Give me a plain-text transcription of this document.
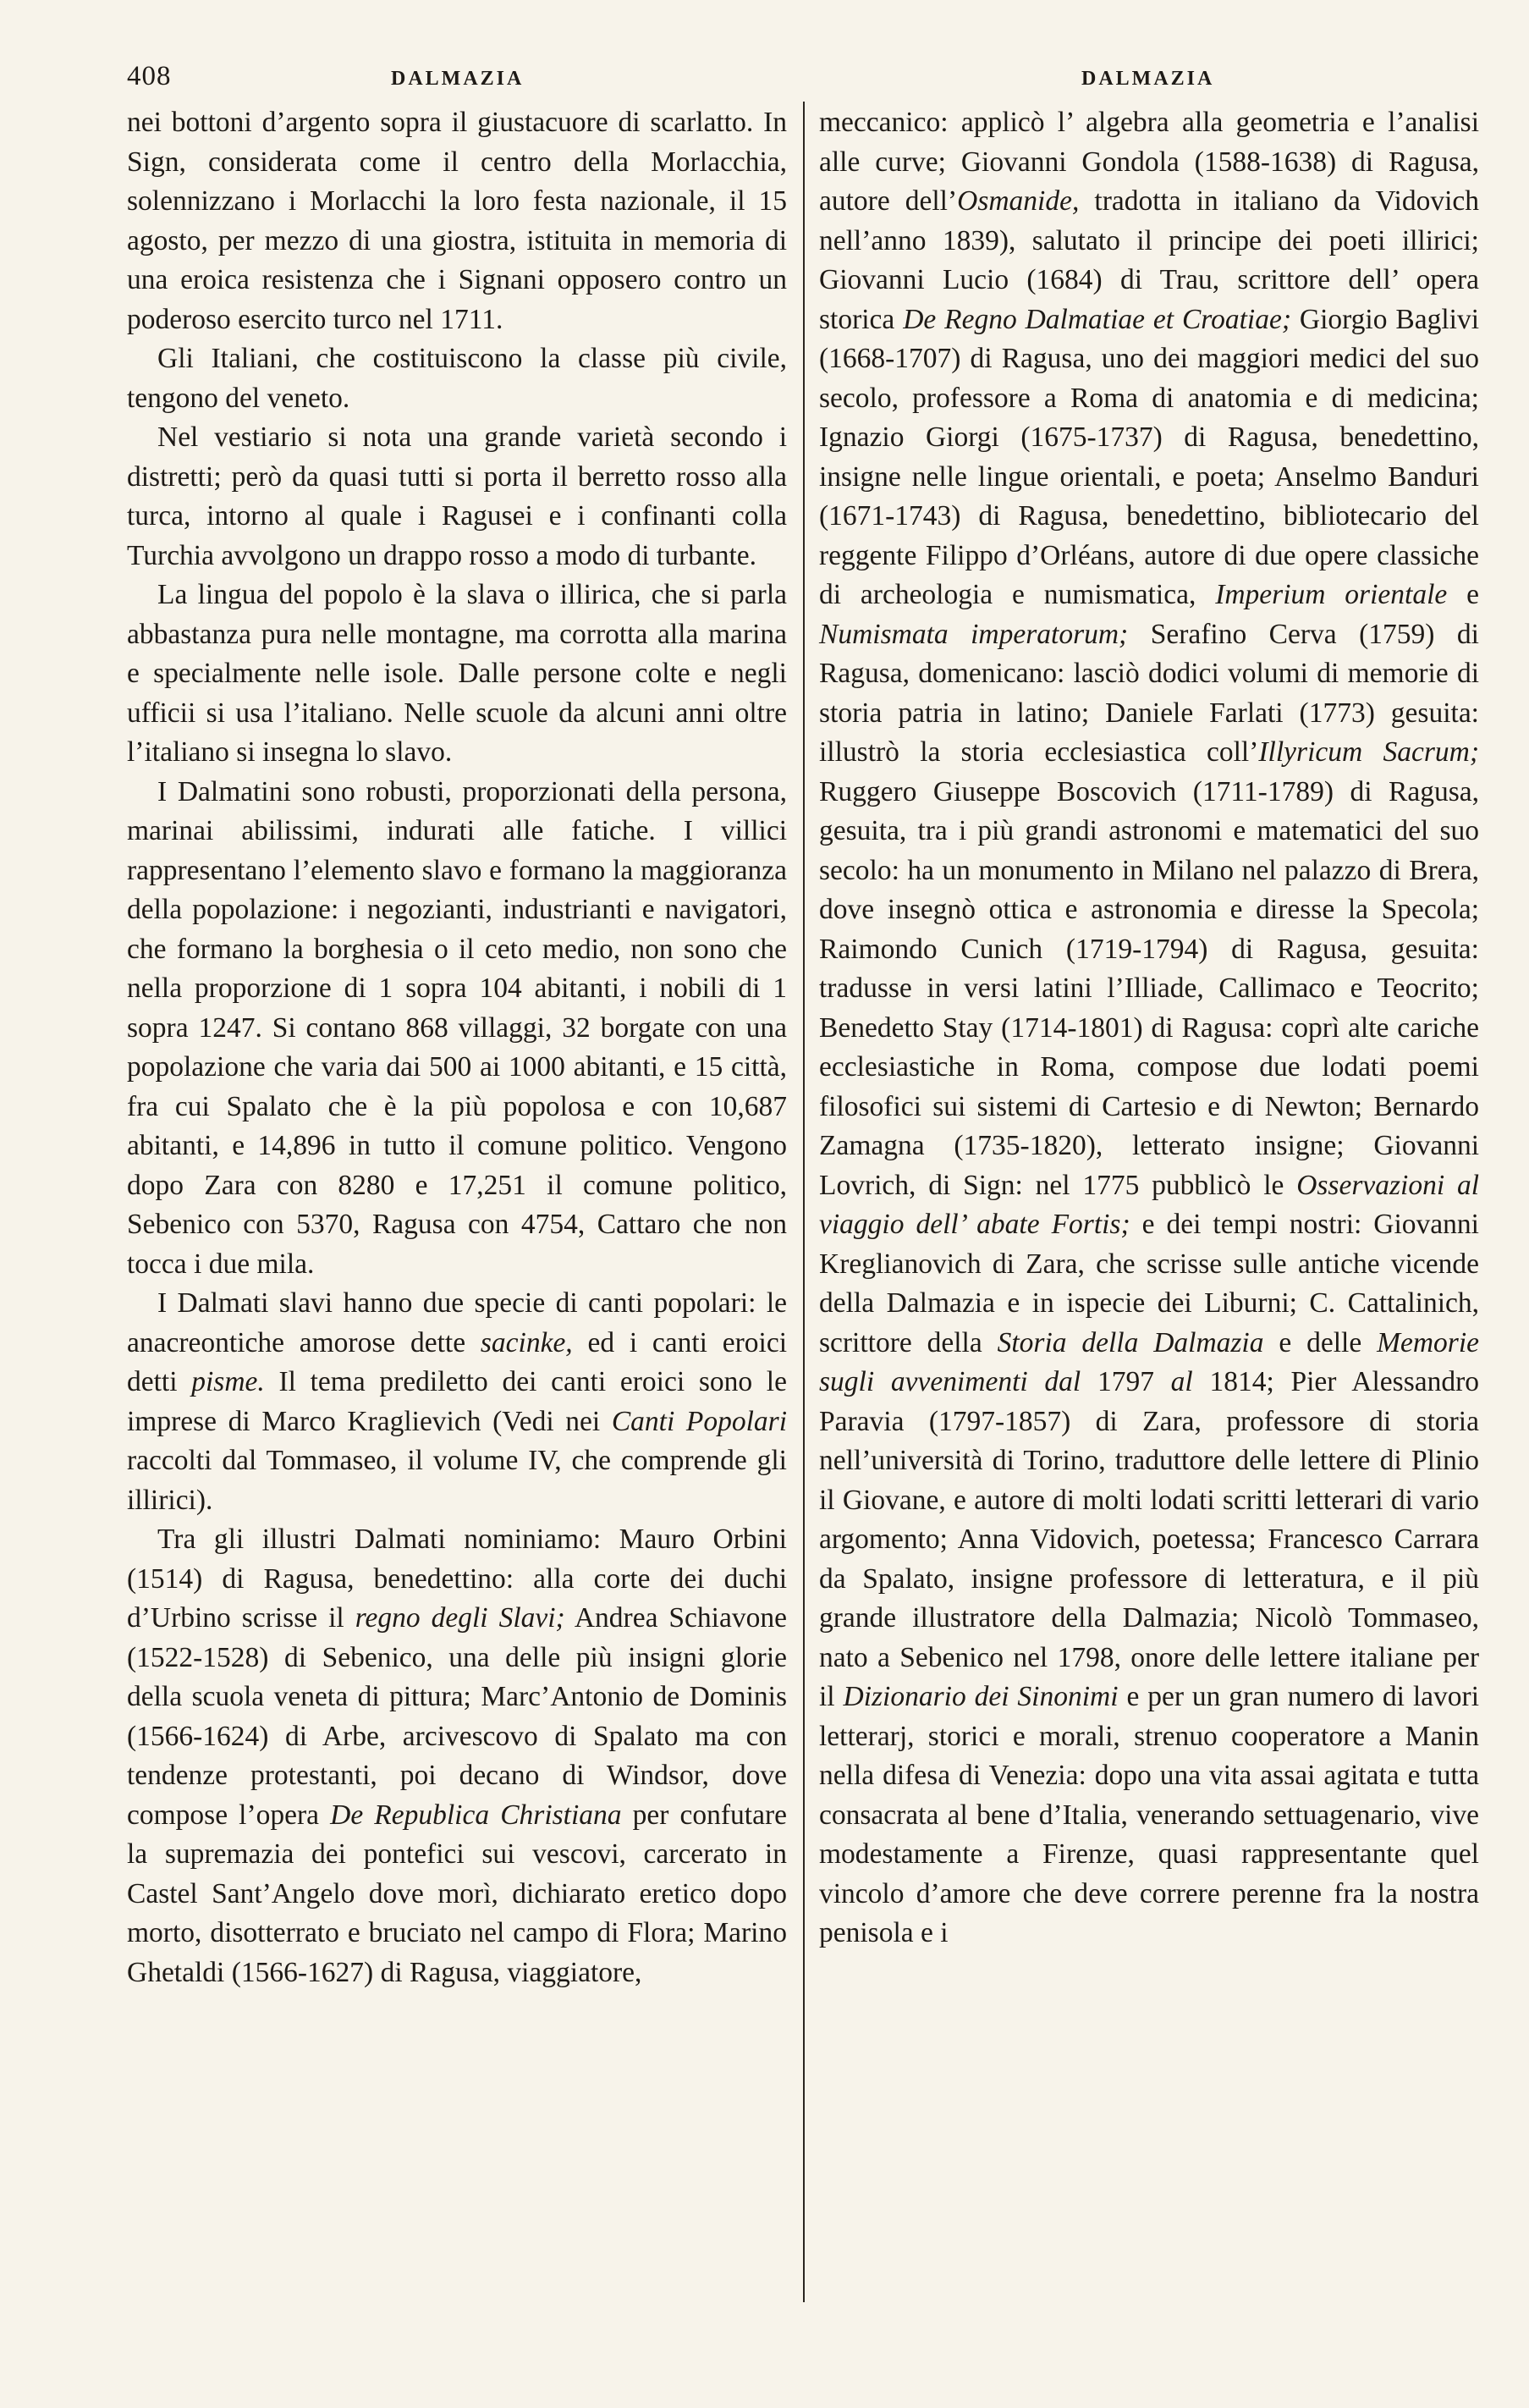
408	DALMAZIA

nei bottoni d’argento sopra il giustacuore di scarlatto. In Sign, considerata come il centro della Morlacchia, solennizzano i Morlacchi la loro festa nazionale, il 15 agosto, per mezzo di una giostra, istituita in memoria di una eroica resistenza che i Signani opposero contro un poderoso esercito turco nel 1711.

Gli Italiani, che costituiscono la classe più civile, tengono del veneto.

Nel vestiario si nota una grande varietà secondo i distretti; però da quasi tutti si porta il berretto rosso alla turca, intorno al quale i Ragusei e i confinanti colla Turchia avvolgono un drappo rosso a modo di turbante.

La lingua del popolo è la slava o illirica, che si parla abbastanza pura nelle montagne, ma corrotta alla marina e specialmente nelle isole. Dalle persone colte e negli ufficii si usa l’italiano. Nelle scuole da alcuni anni oltre l’italiano si insegna lo slavo.

I Dalmatini sono robusti, proporzionati della persona, marinai abilissimi, indurati alle fatiche. I villici rappresentano l’elemento slavo e formano la maggioranza della popolazione: i negozianti, industrianti e navigatori, che formano la borghesia o il ceto medio, non sono che nella proporzione di 1 sopra 104 abitanti, i nobili di 1 sopra 1247. Si contano 868 villaggi, 32 borgate con una popolazione che varia dai 500 ai 1000 abitanti, e 15 città, fra cui Spalato che è la più popolosa e con 10,687 abitanti, e 14,896 in tutto il comune politico. Vengono dopo Zara con 8280 e 17,251 il comune politico, Sebenico con 5370, Ragusa con 4754, Cattaro che non tocca i due mila.

I Dalmati slavi hanno due specie di canti popolari: le anacreontiche amorose dette sacinke, ed i canti eroici detti pisme. Il tema prediletto dei canti eroici sono le imprese di Marco Kraglievich (Vedi nei Canti Popolari raccolti dal Tommaseo, il volume IV, che comprende gli illirici).

Tra gli illustri Dalmati nominiamo: Mauro Orbini (1514) di Ragusa, benedettino: alla corte dei duchi d’Urbino scrisse il regno degli Slavi; Andrea Schiavone (1522-1528) di Sebenico, una delle più insigni glorie della scuola veneta di pittura; Marc’Antonio de Dominis (1566-1624) di Arbe, arcivescovo di Spalato ma con tendenze protestanti, poi decano di Windsor, dove compose l’opera De Republica Christiana per confutare la supremazia dei pontefici sui vescovi, carcerato in Castel Sant’Angelo dove morì, dichiarato eretico dopo morto, disotterrato e bruciato nel campo di Flora; Marino Ghetaldi (1566-1627) di Ragusa, viaggiatore,

DALMAZIA

meccanico: applicò l’ algebra alla geometria e l’analisi alle curve; Giovanni Gondola (1588-1638) di Ragusa, autore dell’Osmanide, tradotta in italiano da Vidovich nell’anno 1839), salutato il principe dei poeti illirici; Giovanni Lucio (1684) di Trau, scrittore dell’ opera storica De Regno Dalmatiae et Croatiae; Giorgio Baglivi (1668-1707) di Ragusa, uno dei maggiori medici del suo secolo, professore a Roma di anatomia e di medicina; Ignazio Giorgi (1675-1737) di Ragusa, benedettino, insigne nelle lingue orientali, e poeta; Anselmo Banduri (1671-1743) di Ragusa, benedettino, bibliotecario del reggente Filippo d’Orléans, autore di due opere classiche di archeologia e numismatica, Imperium orientale e Numismata imperatorum; Serafino Cerva (1759) di Ragusa, domenicano: lasciò dodici volumi di memorie di storia patria in latino; Daniele Farlati (1773) gesuita: illustrò la storia ecclesiastica coll’Illyricum Sacrum; Ruggero Giuseppe Boscovich (1711-1789) di Ragusa, gesuita, tra i più grandi astronomi e matematici del suo secolo: ha un monumento in Milano nel palazzo di Brera, dove insegnò ottica e astronomia e diresse la Specola; Raimondo Cunich (1719-1794) di Ragusa, gesuita: tradusse in versi latini l’Illiade, Callimaco e Teocrito; Benedetto Stay (1714-1801) di Ragusa: coprì alte cariche ecclesiastiche in Roma, compose due lodati poemi filosofici sui sistemi di Cartesio e di Newton; Bernardo Zamagna (1735-1820), letterato insigne; Giovanni Lovrich, di Sign: nel 1775 pubblicò le Osservazioni al viaggio dell’ abate Fortis; e dei tempi nostri: Giovanni Kreglianovich di Zara, che scrisse sulle antiche vicende della Dalmazia e in ispecie dei Liburni; C. Cattalinich, scrittore della Storia della Dalmazia e delle Memorie sugli avvenimenti dal 1797 al 1814; Pier Alessandro Paravia (1797-1857) di Zara, professore di storia nell’università di Torino, traduttore delle lettere di Plinio il Giovane, e autore di molti lodati scritti letterari di vario argomento; Anna Vidovich, poetessa; Francesco Carrara da Spalato, insigne professore di letteratura, e il più grande illustratore della Dalmazia; Nicolò Tommaseo, nato a Sebenico nel 1798, onore delle lettere italiane per il Dizionario dei Sinonimi e per un gran numero di lavori letterarj, storici e morali, strenuo cooperatore a Manin nella difesa di Venezia: dopo una vita assai agitata e tutta consacrata al bene d’Italia, venerando settuagenario, vive modestamente a Firenze, quasi rappresentante quel vincolo d’amore che deve correre perenne fra la nostra penisola e i
